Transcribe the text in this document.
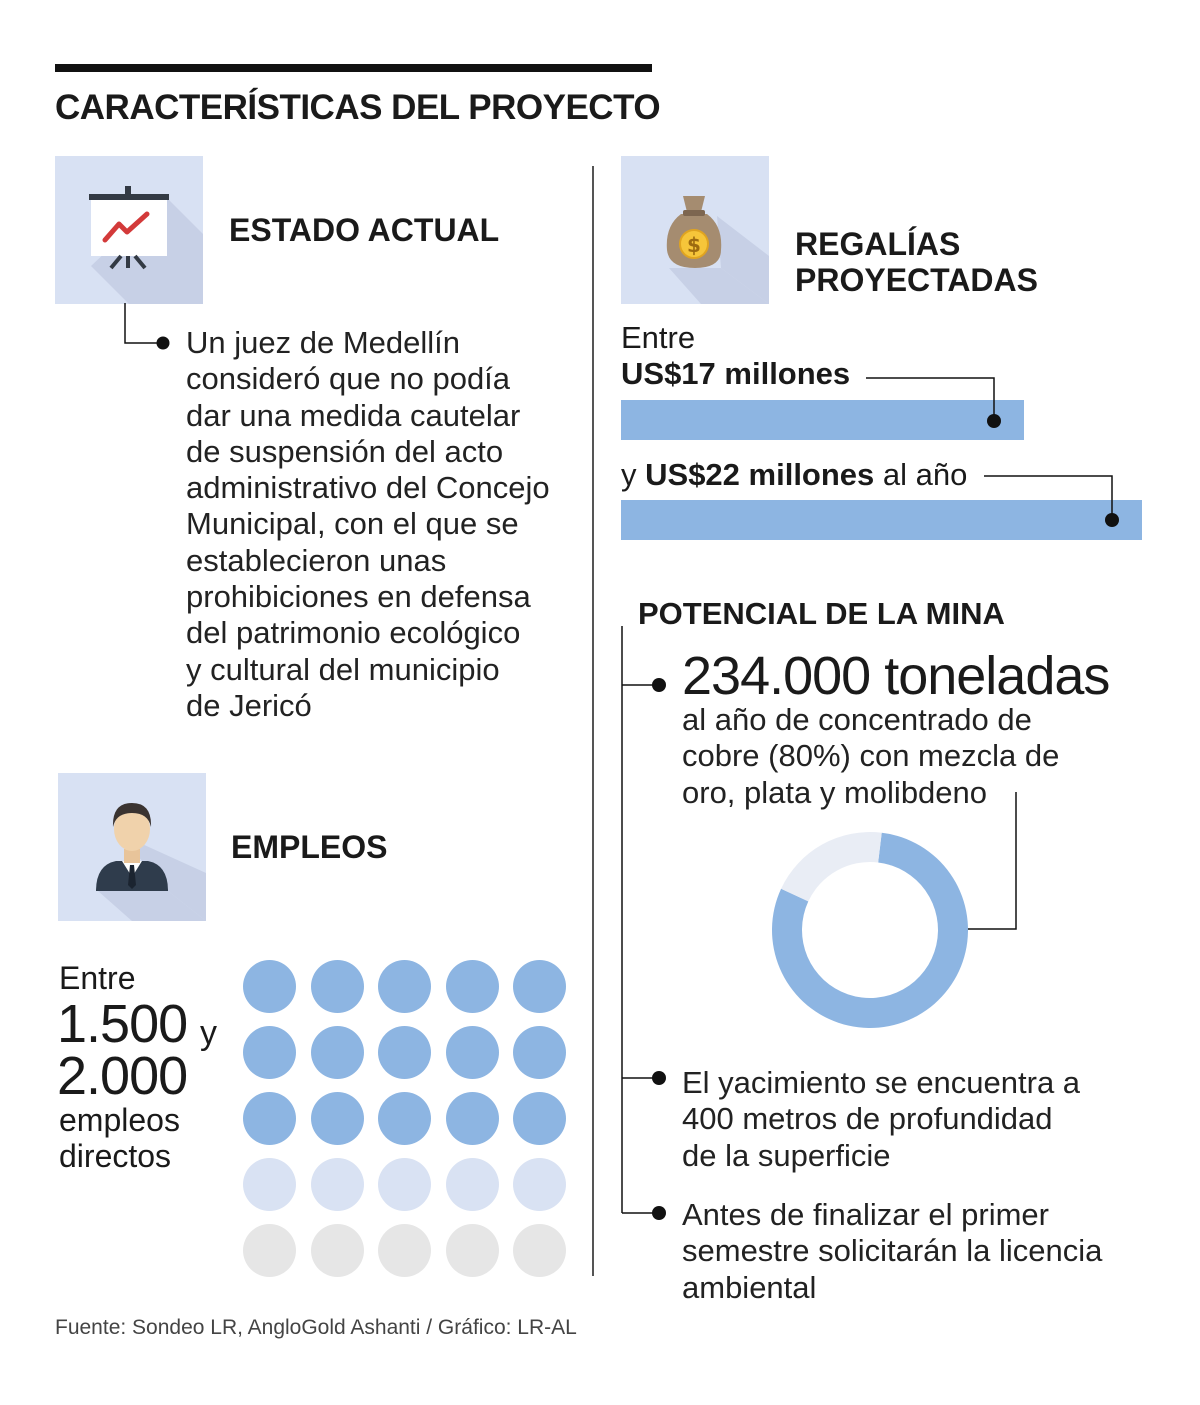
CARACTERÍSTICAS DEL PROYECTO
ESTADO ACTUAL
Un juez de Medellín
consideró que no podía
dar una medida cautelar
de suspensión del acto
administrativo del Concejo
Municipal, con el que se
establecieron unas
prohibiciones en defensa
del patrimonio ecológico
y cultural del municipio
de Jericó
EMPLEOS
Entre
1.500 y
2.000
empleos
directos
$	REGALÍAS
PROYECTADAS
Entre
US$17 millones
y US$22 millones al año
POTENCIAL DE LA MINA
234.000 toneladas
al año de concentrado de
cobre (80%) con mezcla de
oro, plata y molibdeno
El yacimiento se encuentra a
400 metros de profundidad
de la superficie
Antes de finalizar el primer
semestre solicitarán la licencia
ambiental
Fuente: Sondeo LR, AngloGold Ashanti / Gráfico: LR-AL
